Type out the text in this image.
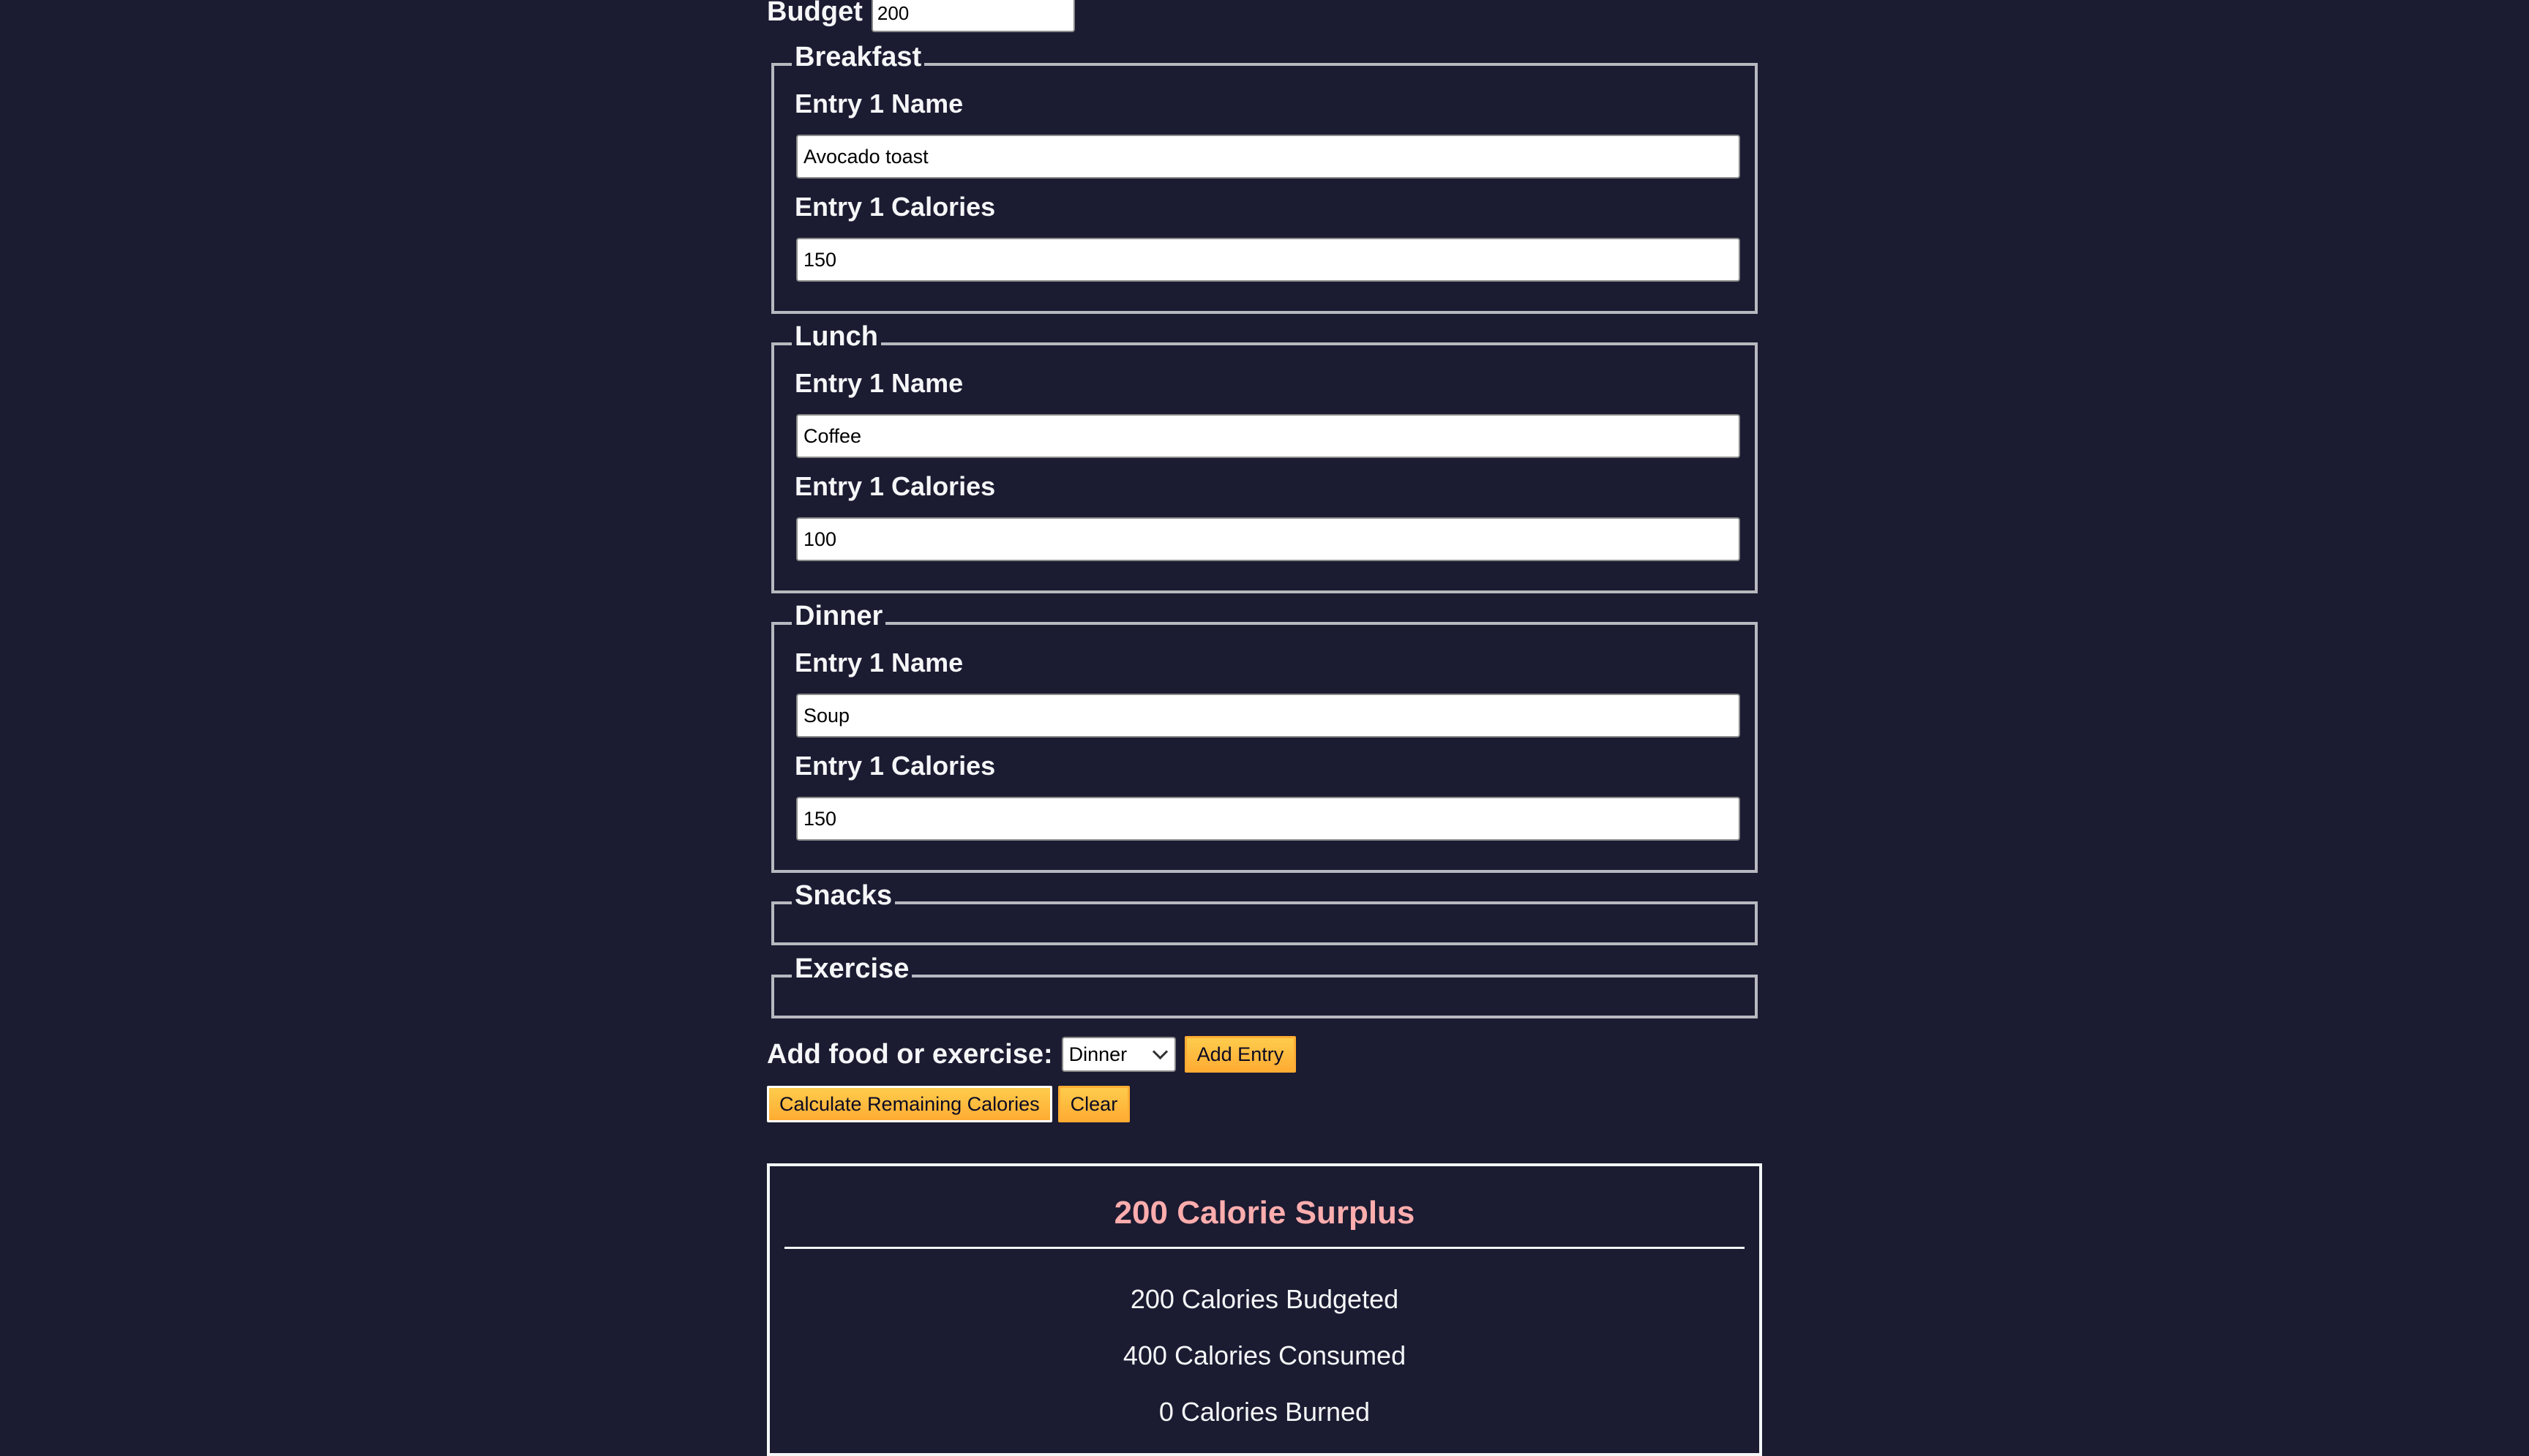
Budget 200
Breakfast
Entry 1 Name
Avocado toast
Entry 1 Calories
150
Lunch
Entry 1 Name
Coffee
Entry 1 Calories
100
Dinner
Entry 1 Name
Soup
Entry 1 Calories
150
Snacks
Exercise
Add food or exercise: Dinner	Add Entry
Calculate Remaining Calories	Clear
200 Calorie Surplus
200 Calories Budgeted
400 Calories Consumed
0 Calories Burned
